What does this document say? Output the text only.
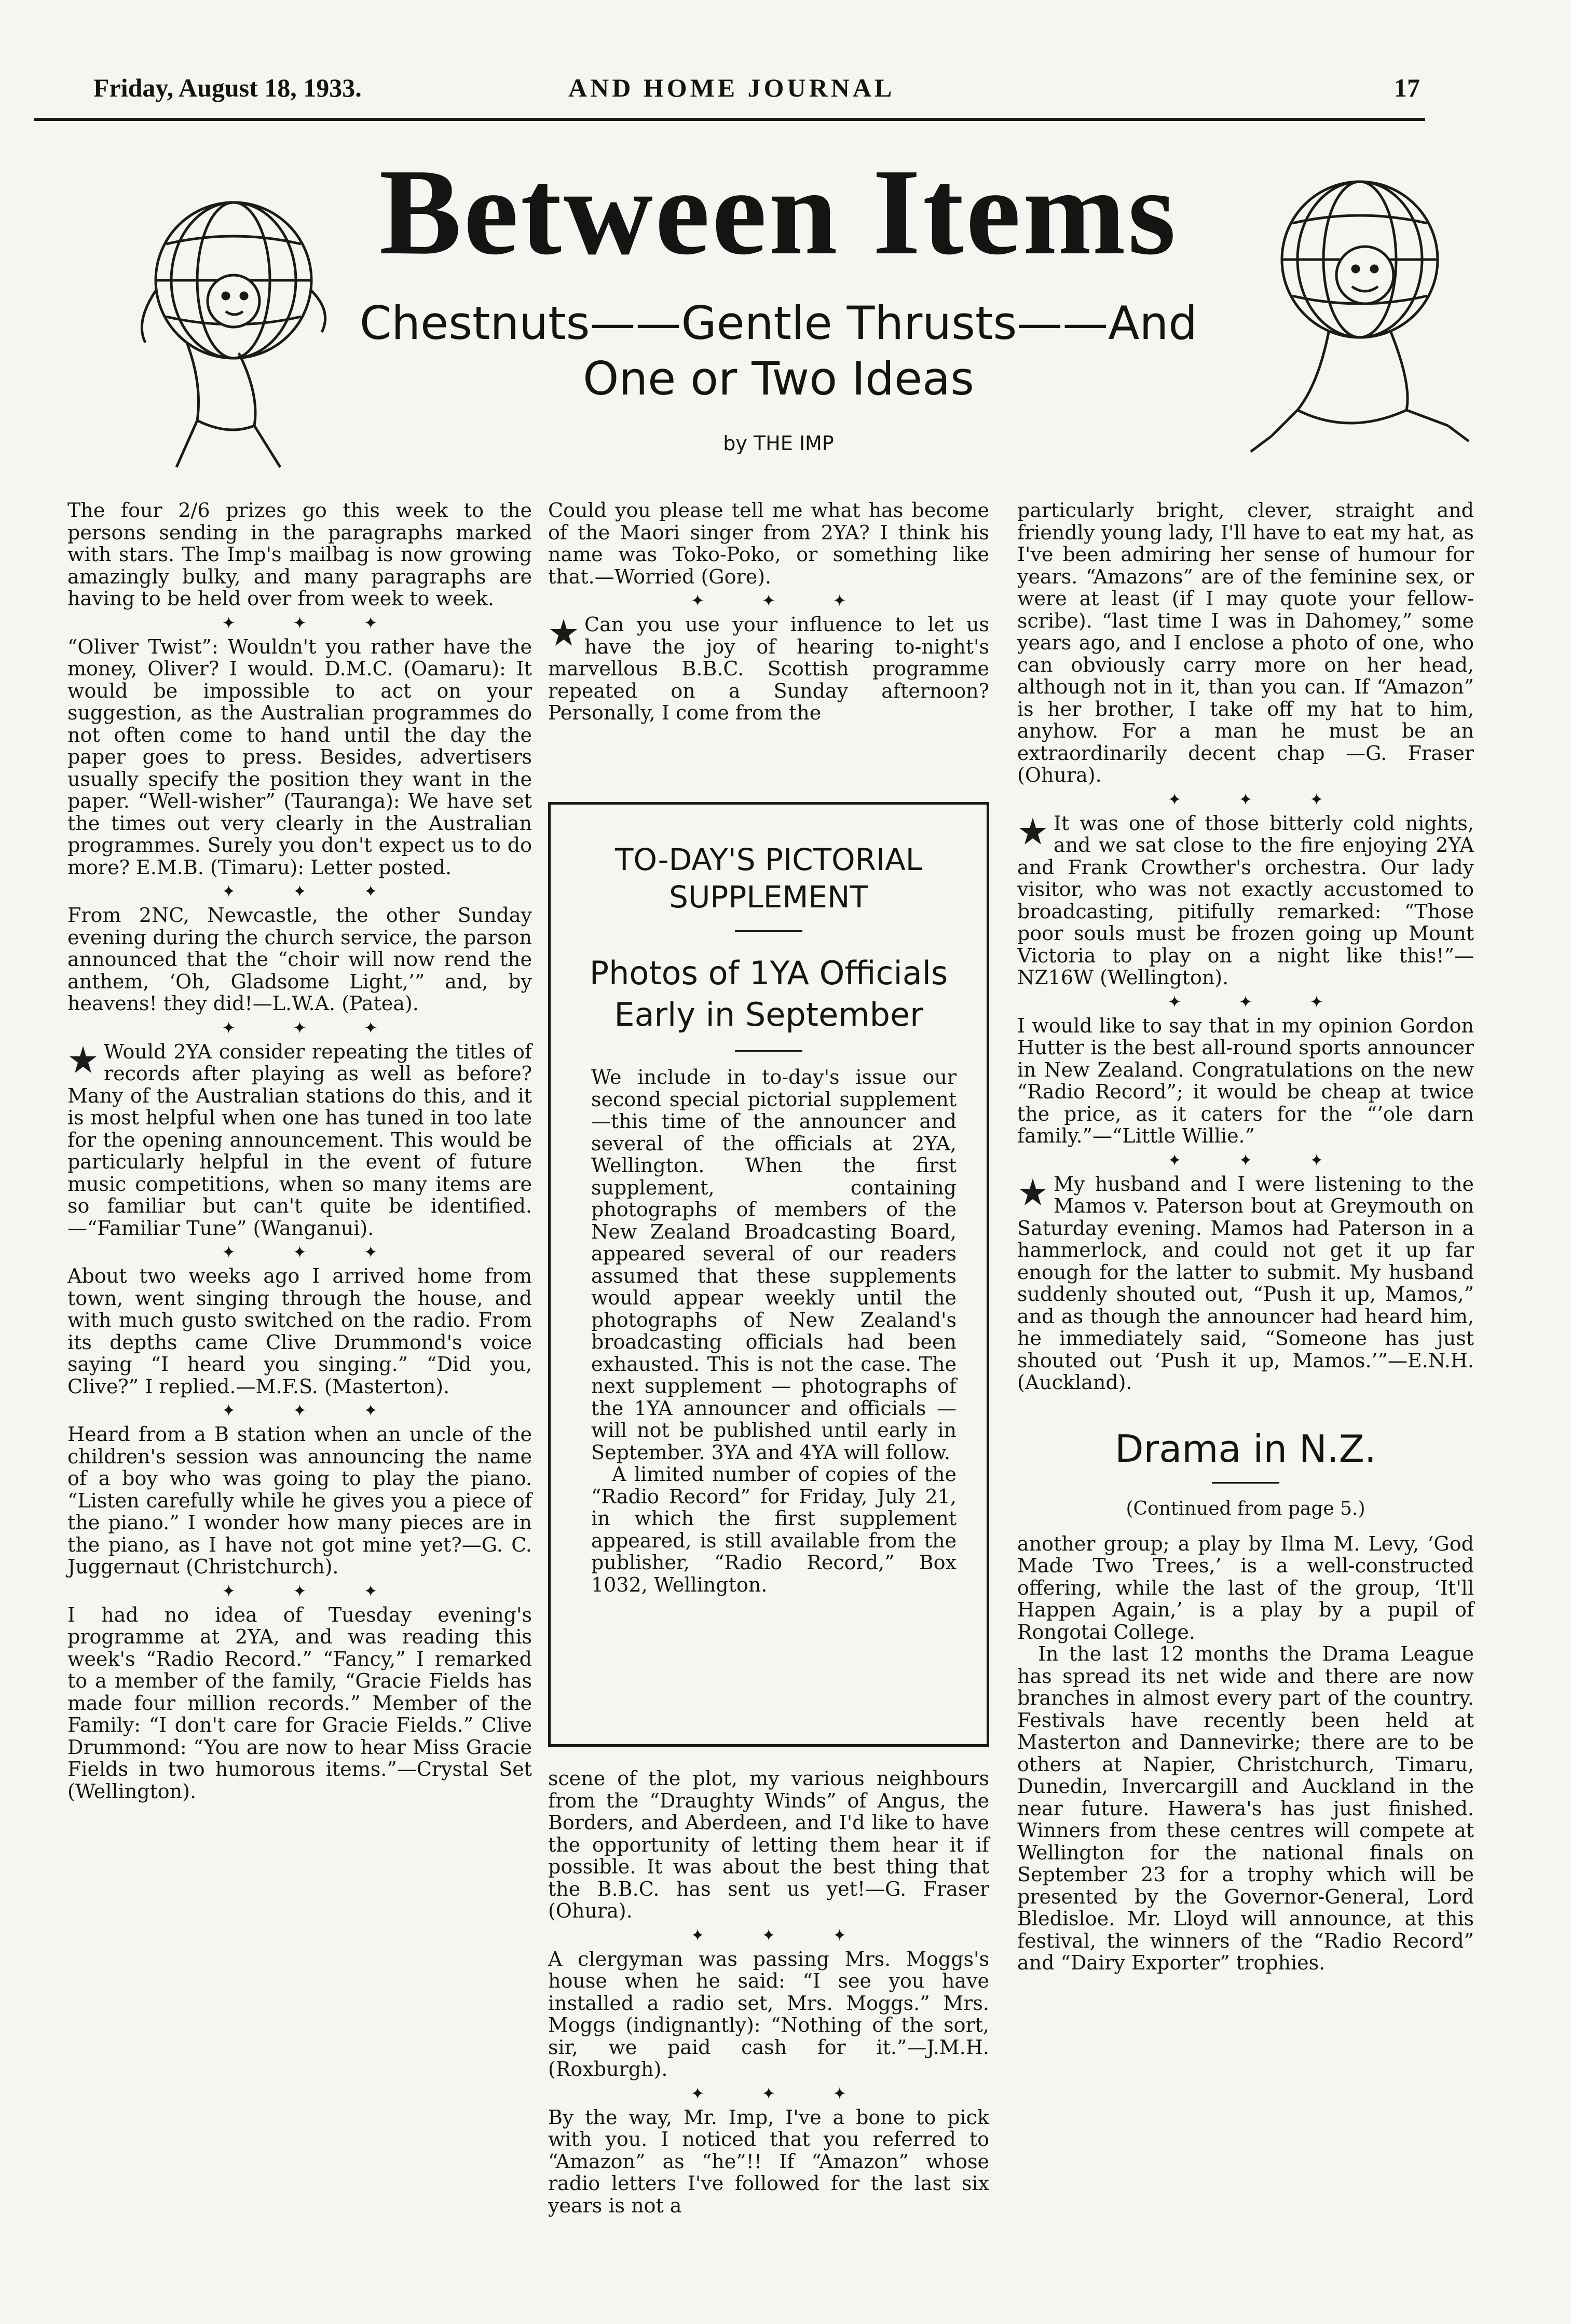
Friday, August 18, 1933.	AND HOME JOURNAL	17
Between Items
Chestnuts——Gentle Thrusts——And
One or Two Ideas
by THE IMP

The four 2/6 prizes go this week to the persons sending in the paragraphs marked with stars. The Imp's mailbag is now growing amazingly bulky, and many paragraphs are having to be held over from week to week.

✦✦✦

“Oliver Twist”: Wouldn't you rather have the money, Oliver? I would. D.M.C. (Oamaru): It would be impossible to act on your suggestion, as the Australian programmes do not often come to hand until the day the paper goes to press. Besides, advertisers usually specify the position they want in the paper. “Well-wisher” (Tauranga): We have set the times out very clearly in the Australian programmes. Surely you don't expect us to do more? E.M.B. (Timaru): Letter posted.

✦✦✦

From 2NC, Newcastle, the other Sunday evening during the church service, the parson announced that the “choir will now rend the anthem, ‘Oh, Gladsome Light,’” and, by heavens! they did!—L.W.A. (Patea).

✦✦✦

Would 2YA consider repeating the titles of records after playing as well as before? Many of the Australian stations do this, and it is most helpful when one has tuned in too late for the opening announcement. This would be particularly helpful in the event of future music competitions, when so many items are so familiar but can't quite be identified.—“Familiar Tune” (Wanganui).

✦✦✦

About two weeks ago I arrived home from town, went singing through the house, and with much gusto switched on the radio. From its depths came Clive Drummond's voice saying “I heard you singing.” “Did you, Clive?” I replied.—M.F.S. (Masterton).

✦✦✦

Heard from a B station when an uncle of the children's session was announcing the name of a boy who was going to play the piano. “Listen carefully while he gives you a piece of the piano.” I wonder how many pieces are in the piano, as I have not got mine yet?—G. C. Juggernaut (Christchurch).

✦✦✦

I had no idea of Tuesday evening's programme at 2YA, and was reading this week's “Radio Record.” “Fancy,” I remarked to a member of the family, “Gracie Fields has made four million records.” Member of the Family: “I don't care for Gracie Fields.” Clive Drummond: “You are now to hear Miss Gracie Fields in two humorous items.”—Crystal Set (Wellington).

Could you please tell me what has become of the Maori singer from 2YA? I think his name was Toko-Poko, or something like that.—Worried (Gore).

✦✦✦

Can you use your influence to let us have the joy of hearing to-night's marvellous B.B.C. Scottish programme repeated on a Sunday afternoon? Personally, I come from the

TO-DAY'S PICTORIAL SUPPLEMENT
Photos of 1YA Officials Early in September

We include in to-day's issue our second special pictorial supplement—this time of the announcer and several of the officials at 2YA, Wellington. When the first supplement, containing photographs of members of the New Zealand Broadcasting Board, appeared several of our readers assumed that these supplements would appear weekly until the photographs of New Zealand's broadcasting officials had been exhausted. This is not the case. The next supplement — photographs of the 1YA announcer and officials —will not be published until early in September. 3YA and 4YA will follow.

A limited number of copies of the “Radio Record” for Friday, July 21, in which the first supplement appeared, is still available from the publisher, “Radio Record,” Box 1032, Wellington.

scene of the plot, my various neighbours from the “Draughty Winds” of Angus, the Borders, and Aberdeen, and I'd like to have the opportunity of letting them hear it if possible. It was about the best thing that the B.B.C. has sent us yet!—G. Fraser (Ohura).

✦✦✦

A clergyman was passing Mrs. Moggs's house when he said: “I see you have installed a radio set, Mrs. Moggs.” Mrs. Moggs (indignantly): “Nothing of the sort, sir, we paid cash for it.”—J.M.H. (Roxburgh).

✦✦✦

By the way, Mr. Imp, I've a bone to pick with you. I noticed that you referred to “Amazon” as “he”!! If “Amazon” whose radio letters I've followed for the last six years is not a

particularly bright, clever, straight and friendly young lady, I'll have to eat my hat, as I've been admiring her sense of humour for years. “Amazons” are of the feminine sex, or were at least (if I may quote your fellow-scribe). “last time I was in Dahomey,” some years ago, and I enclose a photo of one, who can obviously carry more on her head, although not in it, than you can. If “Amazon” is her brother, I take off my hat to him, anyhow. For a man he must be an extraordinarily decent chap —G. Fraser (Ohura).

✦✦✦

It was one of those bitterly cold nights, and we sat close to the fire enjoying 2YA and Frank Crowther's orchestra. Our lady visitor, who was not exactly accustomed to broadcasting, pitifully remarked: “Those poor souls must be frozen going up Mount Victoria to play on a night like this!”—NZ16W (Wellington).

✦✦✦

I would like to say that in my opinion Gordon Hutter is the best all-round sports announcer in New Zealand. Congratulations on the new “Radio Record”; it would be cheap at twice the price, as it caters for the “’ole darn family.”—“Little Willie.”

✦✦✦

My husband and I were listening to the Mamos v. Paterson bout at Greymouth on Saturday evening. Mamos had Paterson in a hammerlock, and could not get it up far enough for the latter to submit. My husband suddenly shouted out, “Push it up, Mamos,” and as though the announcer had heard him, he immediately said, “Someone has just shouted out ‘Push it up, Mamos.’”—E.N.H. (Auckland).

Drama in N.Z.
(Continued from page 5.)

another group; a play by Ilma M. Levy, ‘God Made Two Trees,’ is a well-constructed offering, while the last of the group, ‘It'll Happen Again,’ is a play by a pupil of Rongotai College.

In the last 12 months the Drama League has spread its net wide and there are now branches in almost every part of the country. Festivals have recently been held at Masterton and Dannevirke; there are to be others at Napier, Christchurch, Timaru, Dunedin, Invercargill and Auckland in the near future. Hawera's has just finished. Winners from these centres will compete at Wellington for the national finals on September 23 for a trophy which will be presented by the Governor-General, Lord Bledisloe. Mr. Lloyd will announce, at this festival, the winners of the “Radio Record” and “Dairy Exporter” trophies.
